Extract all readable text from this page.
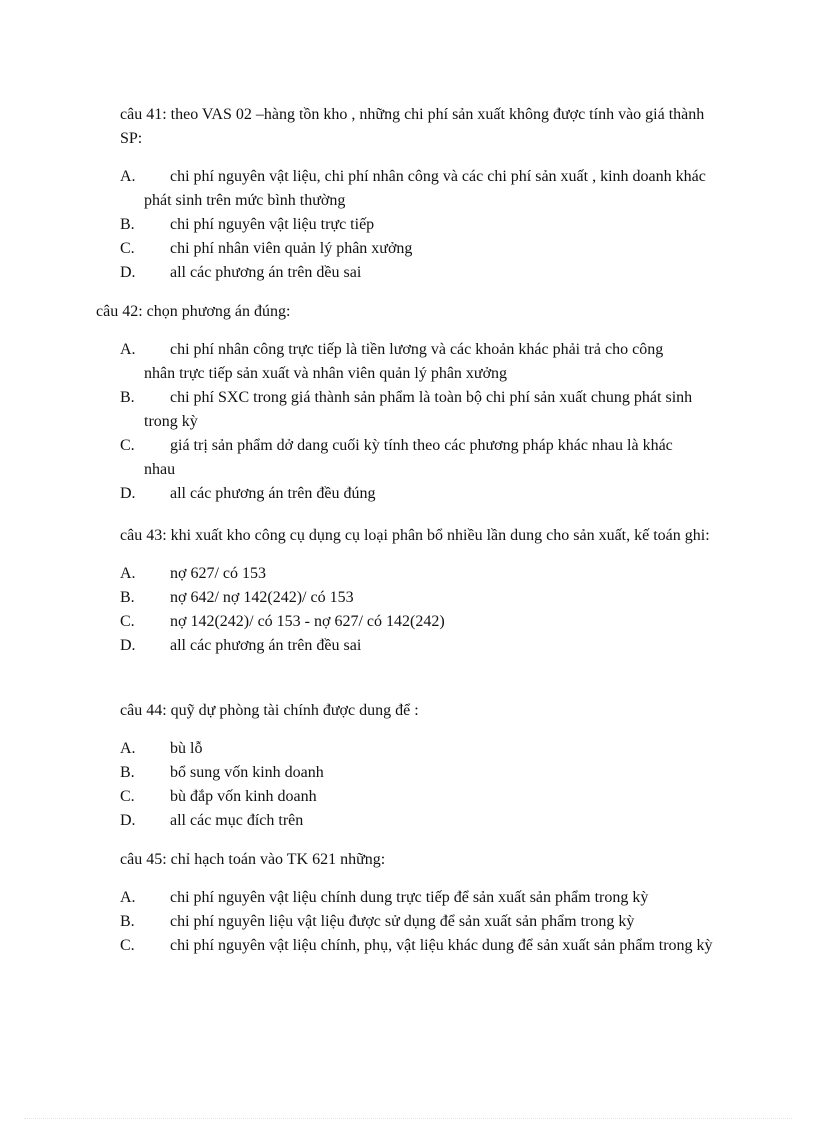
câu 41: theo VAS 02 –hàng tồn kho , những chi phí sản xuất không được tính vào giá thành SP:

A.	chi phí nguyên vật liệu, chi phí nhân công và các chi phí sản xuất , kinh doanh khác phát sinh trên mức bình thường
B. chi phí nguyên vật liệu trực tiếp
C. chi phí nhân viên quản lý phân xưởng
D. all các phương án trên dều sai

câu 42: chọn phương án đúng:

A.	chi phí nhân công trực tiếp là tiền lương và các khoản khác phải trả cho công nhân trực tiếp sản xuất và nhân viên quản lý phân xưởng
B.	chi phí SXC trong giá thành sản phẩm là toàn bộ chi phí sản xuất chung phát sinh trong kỳ
C.	giá trị sản phẩm dở dang cuối kỳ tính theo các phương pháp khác nhau là khác nhau
D. all các phương án trên đều đúng

câu 43: khi xuất kho công cụ dụng cụ loại phân bổ nhiều lần dung cho sản xuất, kế toán ghi:

A. nợ 627/ có 153
B. nợ 642/ nợ 142(242)/ có 153
C. nợ 142(242)/ có 153 - nợ 627/ có 142(242)
D. all các phương án trên đều sai

câu 44: quỹ dự phòng tài chính được dung để :

A. bù lỗ
B. bổ sung vốn kinh doanh
C. bù đắp vốn kinh doanh
D. all các mục đích trên

câu 45: chỉ hạch toán vào TK 621 những:

A. chi phí nguyên vật liệu chính dung trực tiếp để sản xuất sản phẩm trong kỳ
B. chi phí nguyên liệu vật liệu được sử dụng để sản xuất sản phẩm trong kỳ
C. chi phí nguyên vật liệu chính, phụ, vật liệu khác dung để sản xuất sản phẩm trong kỳ
